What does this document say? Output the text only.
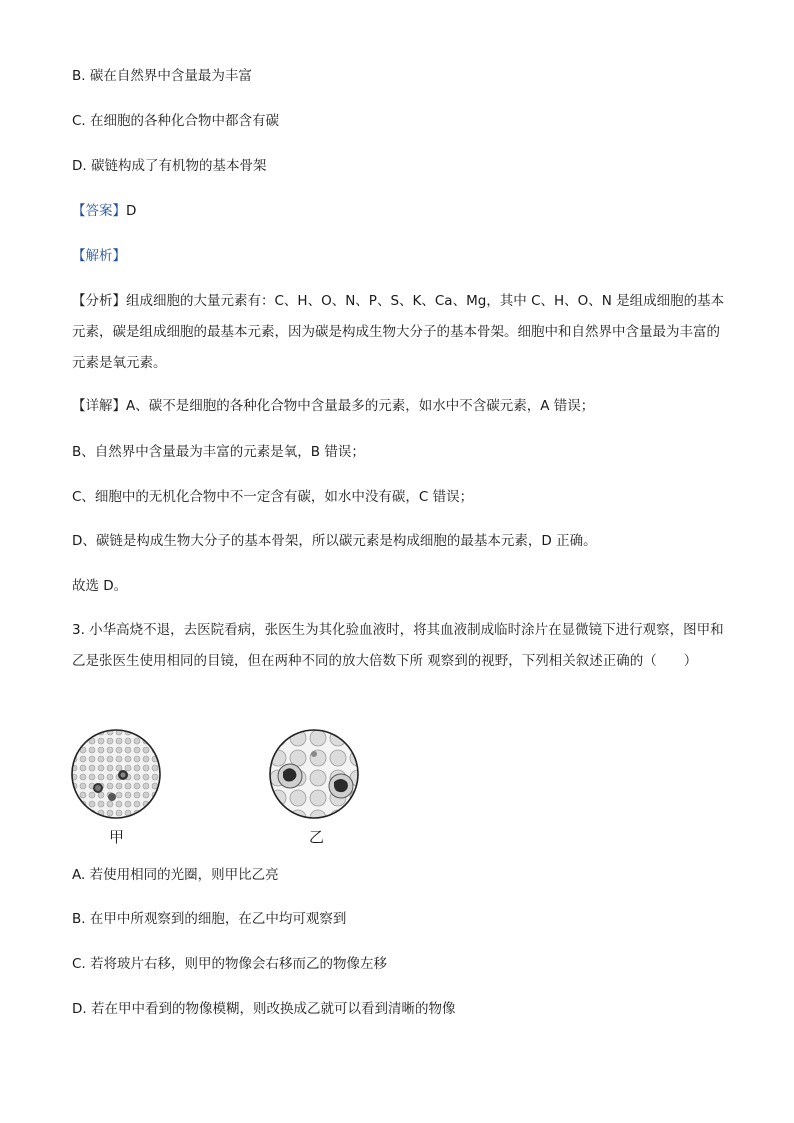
B. 碳在自然界中含量最为丰富
C. 在细胞的各种化合物中都含有碳
D. 碳链构成了有机物的基本骨架
【答案】D
【解析】
【分析】组成细胞的大量元素有：C、H、O、N、P、S、K、Ca、Mg，其中 C、H、O、N 是组成细胞的基本元素，碳是组成细胞的最基本元素，因为碳是构成生物大分子的基本骨架。细胞中和自然界中含量最为丰富的元素是氧元素。
【详解】A、碳不是细胞的各种化合物中含量最多的元素，如水中不含碳元素，A 错误；
B、自然界中含量最为丰富的元素是氧，B 错误；
C、细胞中的无机化合物中不一定含有碳，如水中没有碳，C 错误；
D、碳链是构成生物大分子的基本骨架，所以碳元素是构成细胞的最基本元素，D 正确。
故选 D。
3. 小华高烧不退，去医院看病，张医生为其化验血液时，将其血液制成临时涂片在显微镜下进行观察，图甲和乙是张医生使用相同的目镜，但在两种不同的放大倍数下所 观察到的视野，下列相关叙述正确的（　　）
甲	乙
A. 若使用相同的光圈，则甲比乙亮
B. 在甲中所观察到的细胞，在乙中均可观察到
C. 若将玻片右移，则甲的物像会右移而乙的物像左移
D. 若在甲中看到的物像模糊，则改换成乙就可以看到清晰的物像
